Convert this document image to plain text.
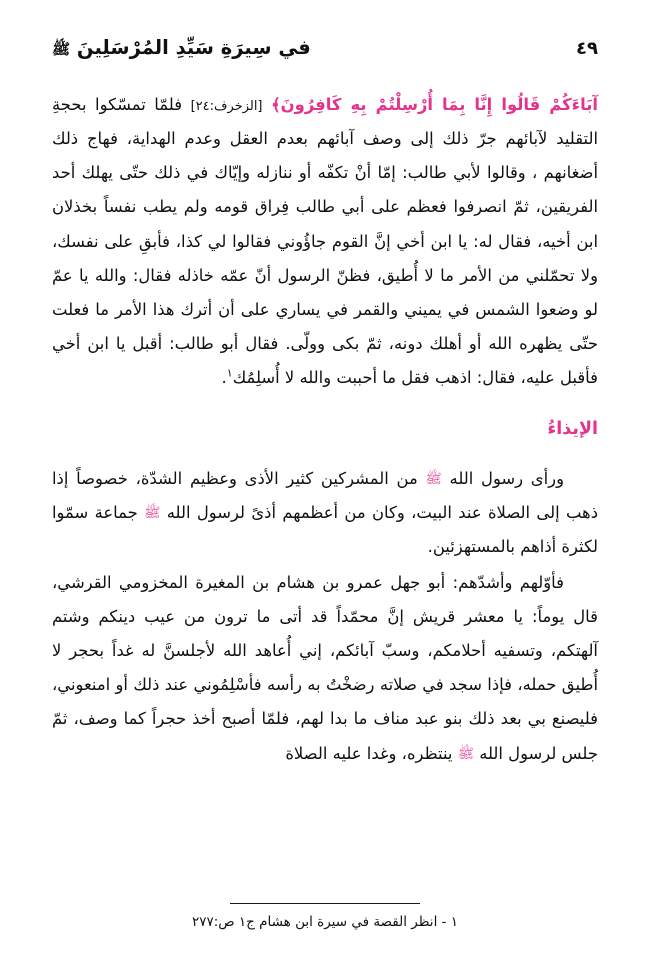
في سِيرَةِ سَيِّدِ المُرْسَلِينَ ﷺ	٤٩

آبَاءَكُمْ قَالُوا إِنَّا بِمَا أُرْسِلْتُمْ بِهِ كَافِرُونَ﴾ [الزخرف:٢٤] فلمّا تمسّكوا بحجةِ التقليد لآبائهم جرّ ذلك إلى وصف آبائهم بعدم العقل وعدم الهداية، فهاج ذلك أضغانهم ، وقالوا لأبي طالب: إمّا أنْ تكفّه أو ننازله وإيّاك في ذلك حتّى يهلك أحد الفريقين، ثمّ انصرفوا فعظم على أبي طالب فِراق قومه ولم يطب نفساً بخذلان ابن أخيه، فقال له: يا ابن أخي إنَّ القوم جاؤُوني فقالوا لي كذا، فأبقِ على نفسك، ولا تحمّلني من الأمر ما لا أُطيق، فظنّ الرسول أنّ عمّه خاذله فقال: والله يا عمّ لو وضعوا الشمس في يميني والقمر في يساري على أن أترك هذا الأمر ما فعلت حتّى يظهره الله أو أهلك دونه، ثمّ بكى وولّى. فقال أبو طالب: أقبل يا ابن أخي فأقبل عليه، فقال: اذهب فقل ما أحببت والله لا أُسلِمُك$^١$.

الإيذاءُ

ورأى رسول الله ﷺ من المشركين كثير الأذى وعظيم الشدّة، خصوصاً إذا ذهب إلى الصلاة عند البيت، وكان من أعظمهم أذىً لرسول الله ﷺ جماعة سمّوا لكثرة أذاهم بالمستهزئين.

فأوّلهم وأشدّهم: أبو جهل عمرو بن هشام بن المغيرة المخزومي القرشي، قال يوماً: يا معشر قريش إنَّ محمّداً قد أتى ما ترون من عيب دينكم وشتم آلهتكم، وتسفيه أحلامكم، وسبّ آبائكم، إني أُعاهد الله لأجلسنَّ له غداً بحجر لا أُطيق حمله، فإذا سجد في صلاته رضخْتُ به رأسه فأسْلِمُوني عند ذلك أو امنعوني، فليصنع بي بعد ذلك بنو عبد مناف ما بدا لهم، فلمّا أصبح أخذ حجراً كما وصف، ثمّ جلس لرسول الله ﷺ ينتظره، وغدا عليه الصلاة

١ - انظر القصة في سيرة ابن هشام ج١ ص:٢٧٧
